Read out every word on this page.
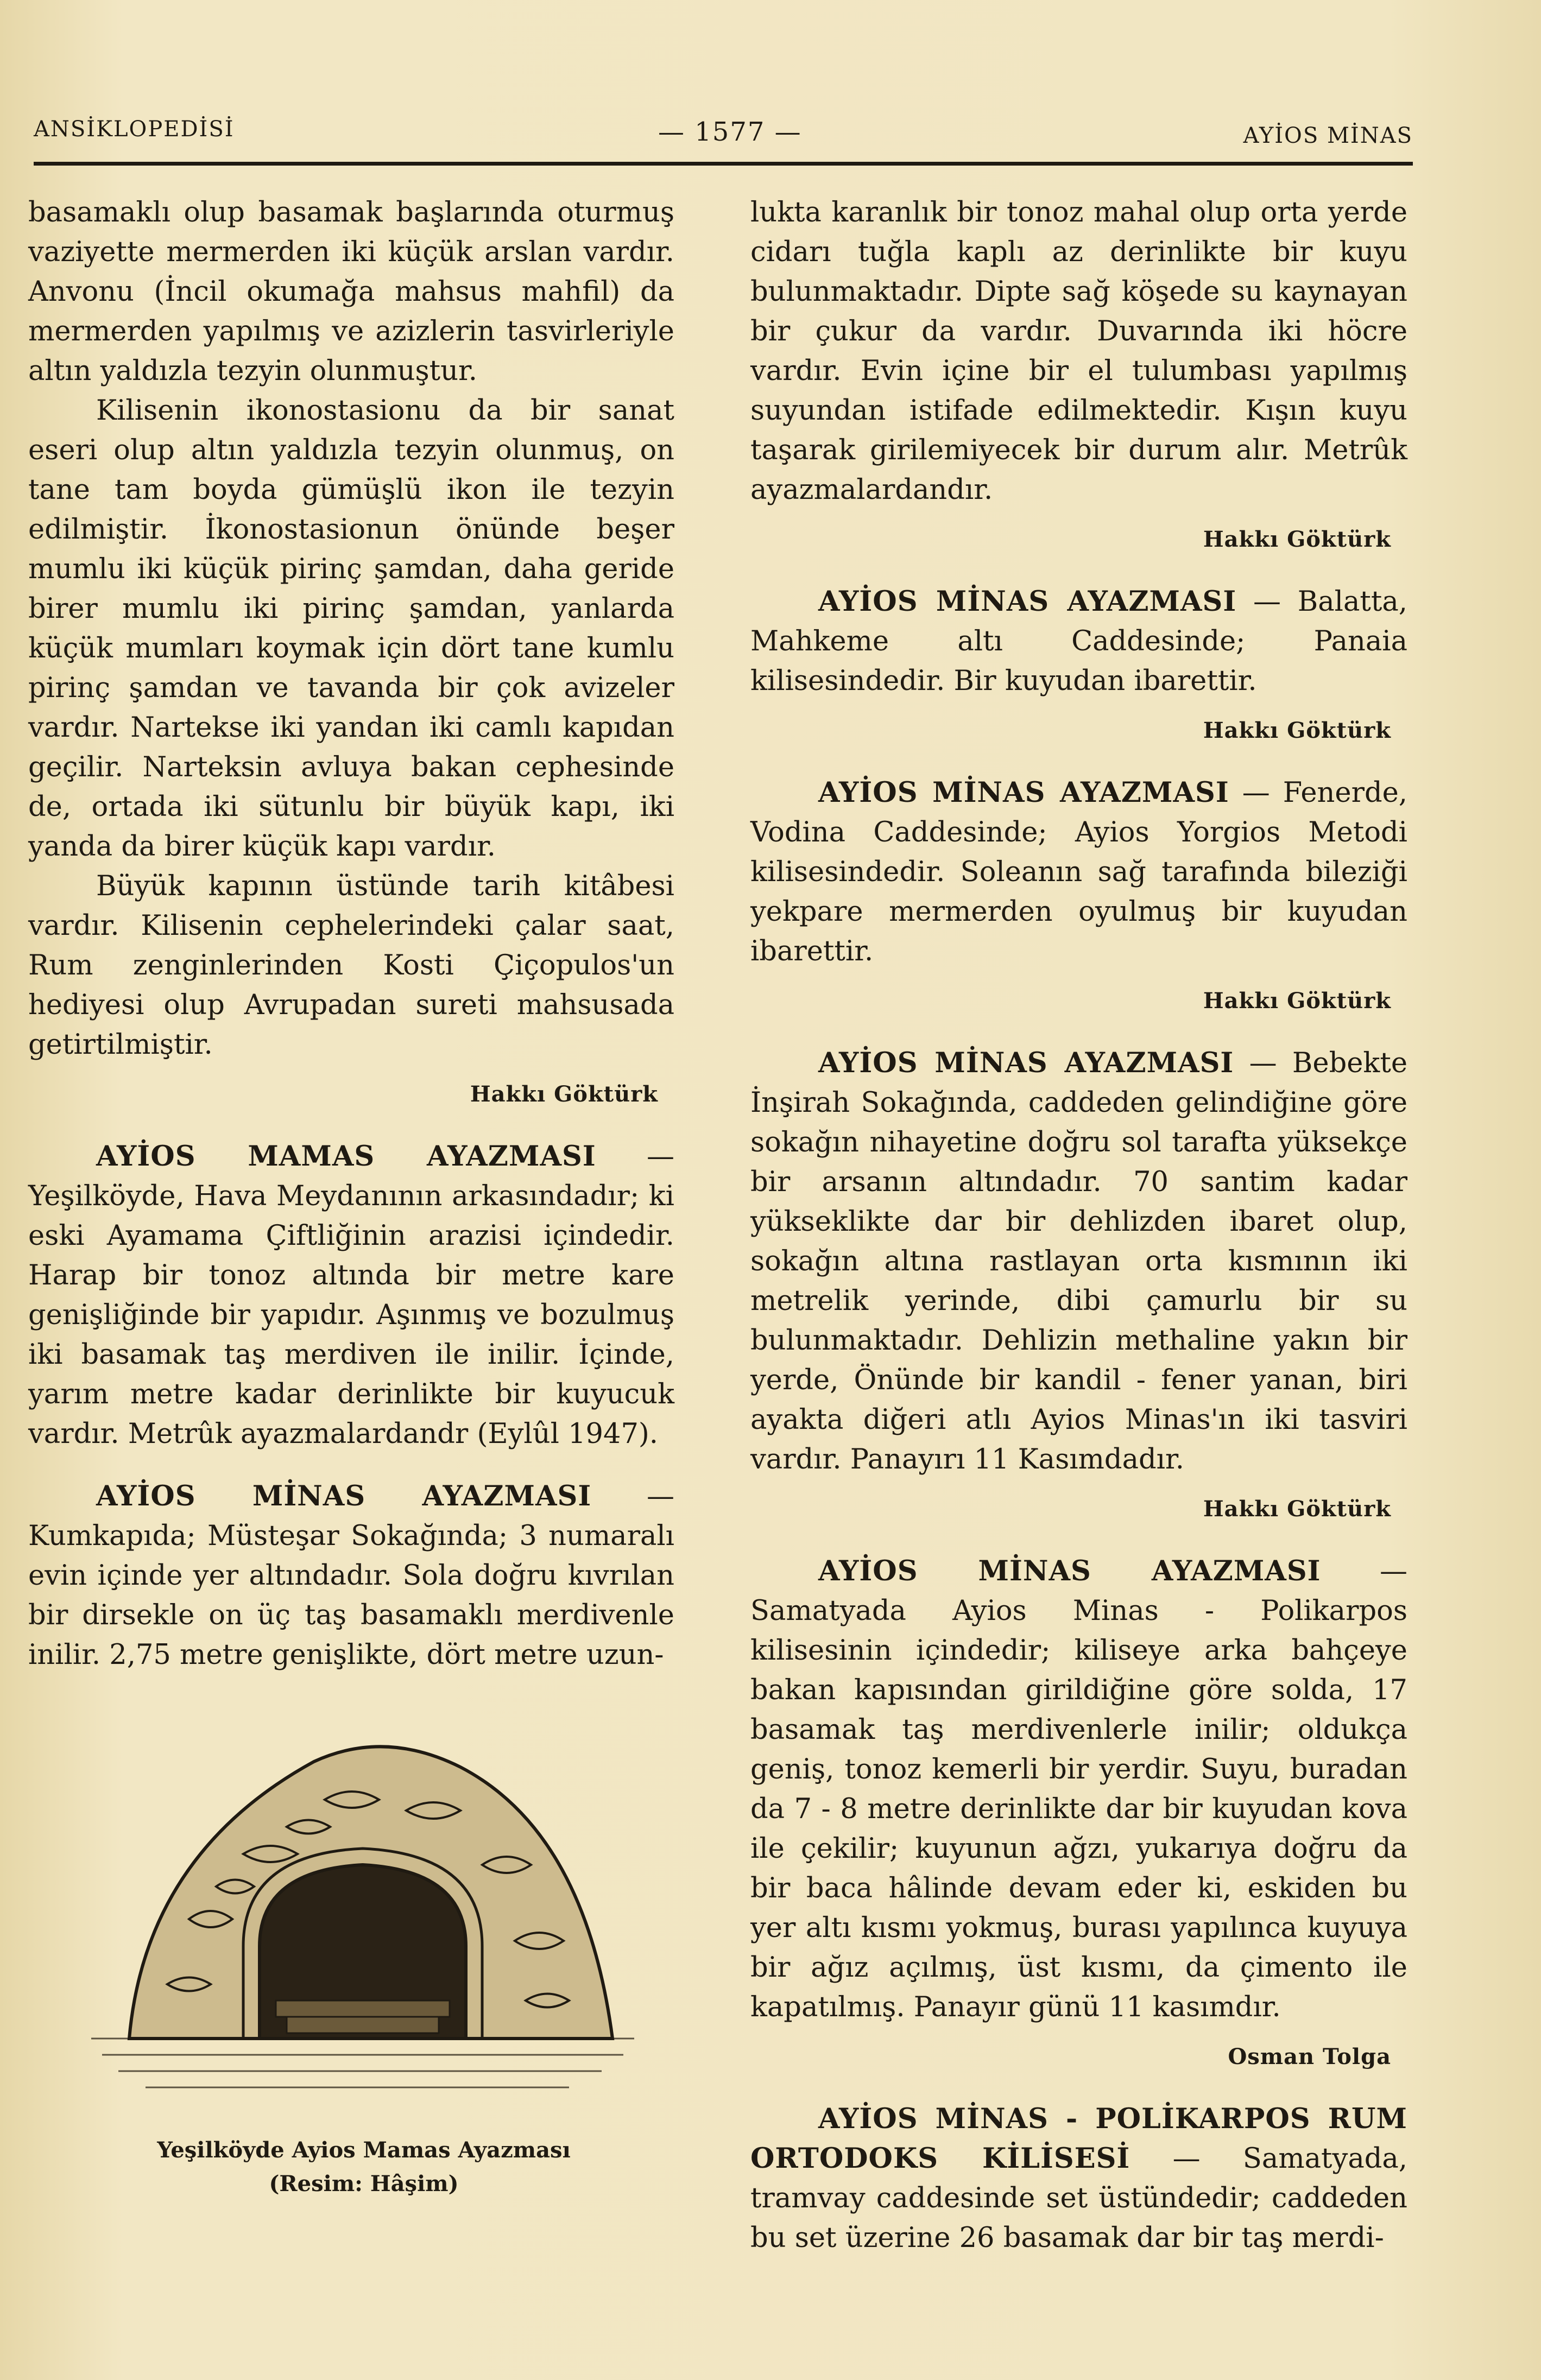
ANSİKLOPEDİSİ	— 1577 —	AYİOS MİNAS

basamaklı olup basamak başlarında oturmuş vaziyette mermerden iki küçük arslan vardır. Anvonu (İncil okumağa mahsus mahfil) da mermerden yapılmış ve azizlerin tasvirleriyle altın yaldızla tezyin olunmuştur.

Kilisenin ikonostasionu da bir sanat eseri olup altın yaldızla tezyin olunmuş, on tane tam boyda gümüşlü ikon ile tezyin edilmiştir. İkonostasionun önünde beşer mumlu iki küçük pirinç şamdan, daha geride birer mumlu iki pirinç şamdan, yanlarda küçük mumları koymak için dört tane kumlu pirinç şamdan ve tavanda bir çok avizeler vardır. Nartekse iki yandan iki camlı kapıdan geçilir. Narteksin avluya bakan cephesinde de, ortada iki sütunlu bir büyük kapı, iki yanda da birer küçük kapı vardır.

Büyük kapının üstünde tarih kitâbesi vardır. Kilisenin cephelerindeki çalar saat, Rum zenginlerinden Kosti Çiçopulos'un hediyesi olup Avrupadan sureti mahsusada getirtilmiştir.

Hakkı Göktürk

AYİOS MAMAS AYAZMASI — Yeşilköyde, Hava Meydanının arkasındadır; ki eski Ayamama Çiftliğinin arazisi içindedir. Harap bir tonoz altında bir metre kare genişliğinde bir yapıdır. Aşınmış ve bozulmuş iki basamak taş merdiven ile inilir. İçinde, yarım metre kadar derinlikte bir kuyucuk vardır. Metrûk ayazmalardandr (Eylûl 1947).

AYİOS MİNAS AYAZMASI — Kumkapıda; Müsteşar Sokağında; 3 numaralı evin içinde yer altındadır. Sola doğru kıvrılan bir dirsekle on üç taş basamaklı merdivenle inilir. 2,75 metre genişlikte, dört metre uzun-

Yeşilköyde Ayios Mamas Ayazması
(Resim: Hâşim)

lukta karanlık bir tonoz mahal olup orta yerde cidarı tuğla kaplı az derinlikte bir kuyu bulunmaktadır. Dipte sağ köşede su kaynayan bir çukur da vardır. Duvarında iki höcre vardır. Evin içine bir el tulumbası yapılmış suyundan istifade edilmektedir. Kışın kuyu taşarak girilemiyecek bir durum alır. Metrûk ayazmalardandır.

Hakkı Göktürk

AYİOS MİNAS AYAZMASI — Balatta, Mahkeme altı Caddesinde; Panaia kilisesindedir. Bir kuyudan ibarettir.

Hakkı Göktürk

AYİOS MİNAS AYAZMASI — Fenerde, Vodina Caddesinde; Ayios Yorgios Metodi kilisesindedir. Soleanın sağ tarafında bileziği yekpare mermerden oyulmuş bir kuyudan ibarettir.

Hakkı Göktürk

AYİOS MİNAS AYAZMASI — Bebekte İnşirah Sokağında, caddeden gelindiğine göre sokağın nihayetine doğru sol tarafta yüksekçe bir arsanın altındadır. 70 santim kadar yükseklikte dar bir dehlizden ibaret olup, sokağın altına rastlayan orta kısmının iki metrelik yerinde, dibi çamurlu bir su bulunmaktadır. Dehlizin methaline yakın bir yerde, Önünde bir kandil - fener yanan, biri ayakta diğeri atlı Ayios Minas'ın iki tasviri vardır. Panayırı 11 Kasımdadır.

Hakkı Göktürk

AYİOS MİNAS AYAZMASI — Samatyada Ayios Minas - Polikarpos kilisesinin içindedir; kiliseye arka bahçeye bakan kapısından girildiğine göre solda, 17 basamak taş merdivenlerle inilir; oldukça geniş, tonoz kemerli bir yerdir. Suyu, buradan da 7 - 8 metre derinlikte dar bir kuyudan kova ile çekilir; kuyunun ağzı, yukarıya doğru da bir baca hâlinde devam eder ki, eskiden bu yer altı kısmı yokmuş, burası yapılınca kuyuya bir ağız açılmış, üst kısmı, da çimento ile kapatılmış. Panayır günü 11 kasımdır.

Osman Tolga

AYİOS MİNAS - POLİKARPOS RUM ORTODOKS KİLİSESİ — Samatyada, tramvay caddesinde set üstündedir; caddeden bu set üzerine 26 basamak dar bir taş merdi-
